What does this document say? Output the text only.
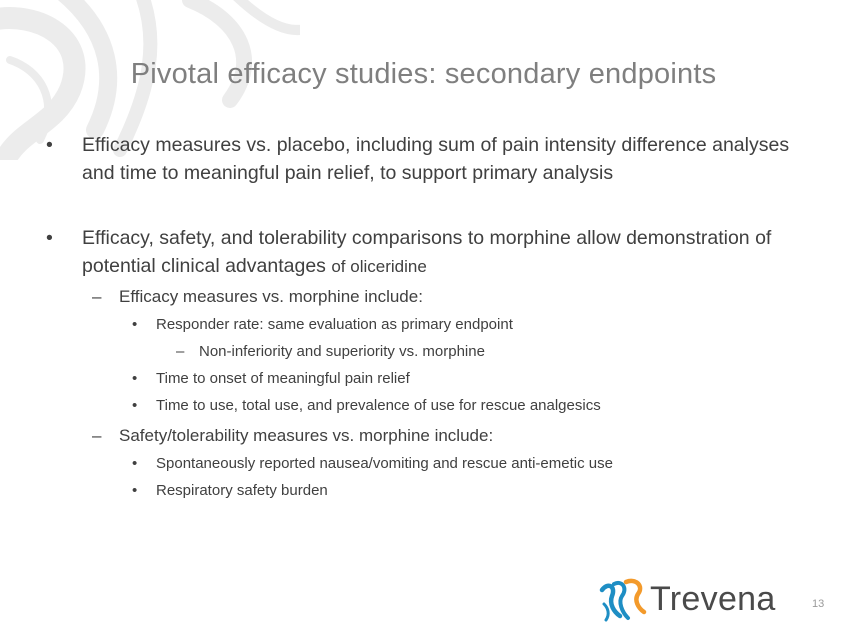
Pivotal efficacy studies: secondary endpoints
• Efficacy measures vs. placebo, including sum of pain intensity difference analyses and time to meaningful pain relief, to support primary analysis
• Efficacy, safety, and tolerability comparisons to morphine allow demonstration of potential clinical advantages of oliceridine
– Efficacy measures vs. morphine include:
• Responder rate: same evaluation as primary endpoint
– Non-inferiority and superiority vs. morphine
• Time to onset of meaningful pain relief
• Time to use, total use, and prevalence of use for rescue analgesics
– Safety/tolerability measures vs. morphine include:
• Spontaneously reported nausea/vomiting and rescue anti-emetic use
• Respiratory safety burden
Trevena	13
